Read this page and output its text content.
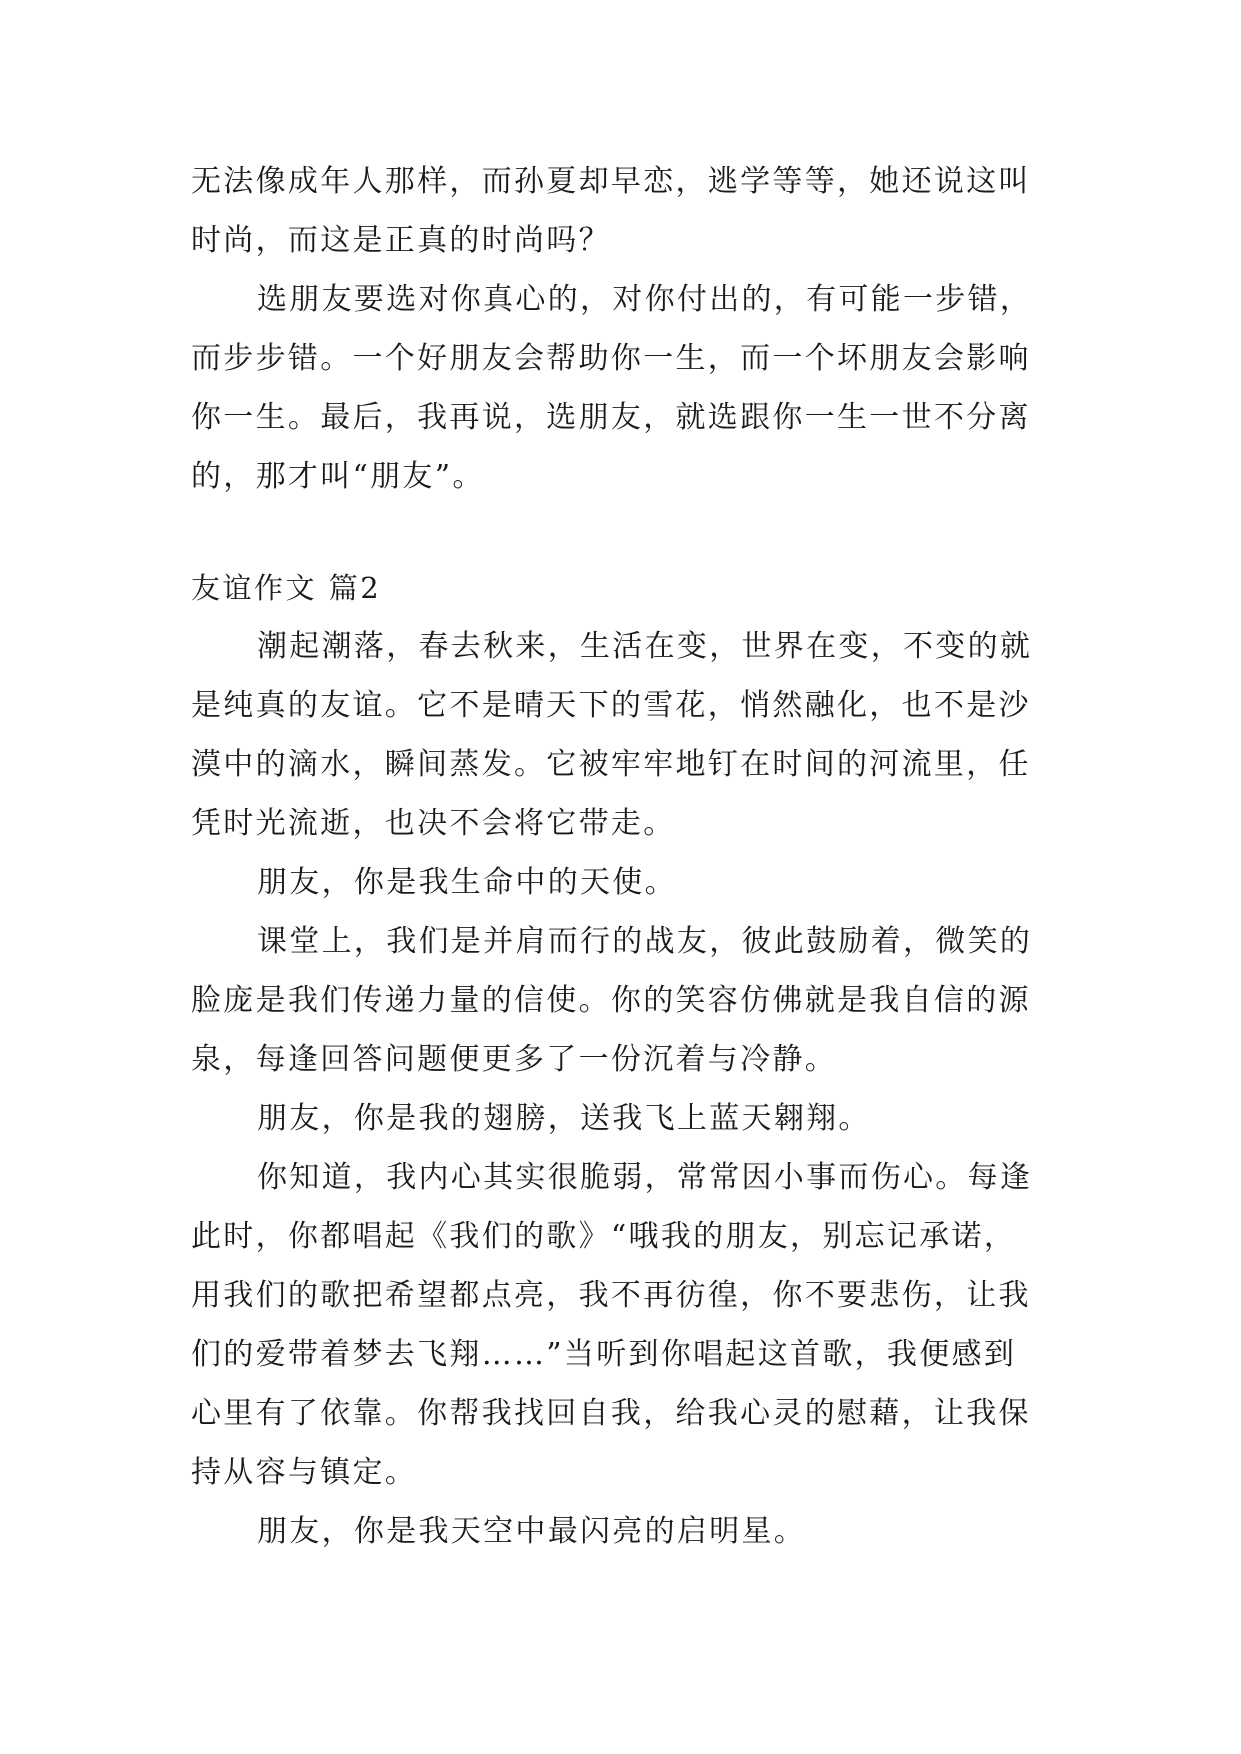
无法像成年人那样，而孙夏却早恋，逃学等等，她还说这叫
时尚，而这是正真的时尚吗？
选朋友要选对你真心的，对你付出的，有可能一步错，
而步步错。一个好朋友会帮助你一生，而一个坏朋友会影响
你一生。最后，我再说，选朋友，就选跟你一生一世不分离
的，那才叫“朋友”。
友谊作文 篇2
潮起潮落，春去秋来，生活在变，世界在变，不变的就
是纯真的友谊。它不是晴天下的雪花，悄然融化，也不是沙
漠中的滴水，瞬间蒸发。它被牢牢地钉在时间的河流里，任
凭时光流逝，也决不会将它带走。
朋友，你是我生命中的天使。
课堂上，我们是并肩而行的战友，彼此鼓励着，微笑的
脸庞是我们传递力量的信使。你的笑容仿佛就是我自信的源
泉，每逢回答问题便更多了一份沉着与冷静。
朋友，你是我的翅膀，送我飞上蓝天翱翔。
你知道，我内心其实很脆弱，常常因小事而伤心。每逢
此时，你都唱起《我们的歌》“哦我的朋友，别忘记承诺，
用我们的歌把希望都点亮，我不再彷徨，你不要悲伤，让我
们的爱带着梦去飞翔……”当听到你唱起这首歌，我便感到
心里有了依靠。你帮我找回自我，给我心灵的慰藉，让我保
持从容与镇定。
朋友，你是我天空中最闪亮的启明星。
